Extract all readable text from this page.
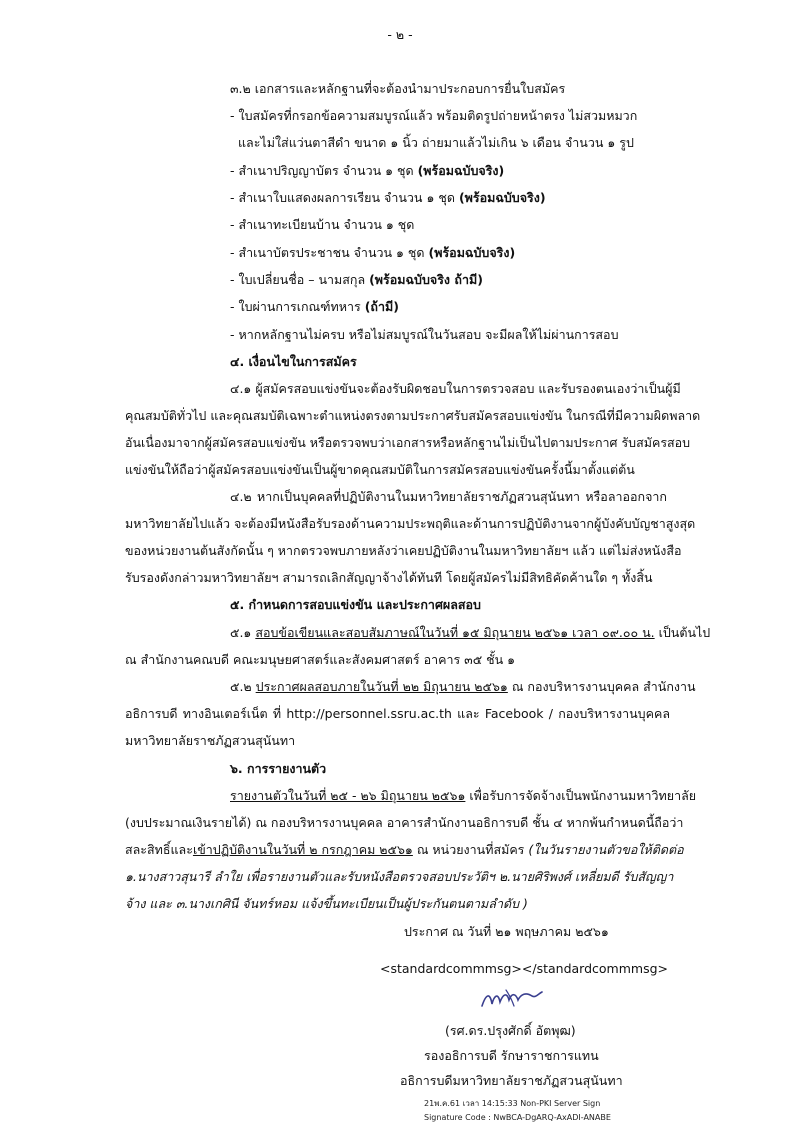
- ๒ -
๓.๒ เอกสารและหลักฐานที่จะต้องนำมาประกอบการยื่นใบสมัคร
- ใบสมัครที่กรอกข้อความสมบูรณ์แล้ว พร้อมติดรูปถ่ายหน้าตรง ไม่สวมหมวก
และไม่ใส่แว่นตาสีดำ ขนาด ๑ นิ้ว ถ่ายมาแล้วไม่เกิน ๖ เดือน จำนวน ๑ รูป
- สำเนาปริญญาบัตร จำนวน ๑ ชุด (พร้อมฉบับจริง)
- สำเนาใบแสดงผลการเรียน จำนวน ๑ ชุด (พร้อมฉบับจริง)
- สำเนาทะเบียนบ้าน จำนวน ๑ ชุด
- สำเนาบัตรประชาชน จำนวน ๑ ชุด (พร้อมฉบับจริง)
- ใบเปลี่ยนชื่อ – นามสกุล (พร้อมฉบับจริง ถ้ามี)
- ใบผ่านการเกณฑ์ทหาร (ถ้ามี)
- หากหลักฐานไม่ครบ หรือไม่สมบูรณ์ในวันสอบ จะมีผลให้ไม่ผ่านการสอบ
๔. เงื่อนไขในการสมัคร
๔.๑ ผู้สมัครสอบแข่งขันจะต้องรับผิดชอบในการตรวจสอบ และรับรองตนเองว่าเป็นผู้มี
คุณสมบัติทั่วไป และคุณสมบัติเฉพาะตำแหน่งตรงตามประกาศรับสมัครสอบแข่งขัน ในกรณีที่มีความผิดพลาด
อันเนื่องมาจากผู้สมัครสอบแข่งขัน หรือตรวจพบว่าเอกสารหรือหลักฐานไม่เป็นไปตามประกาศ รับสมัครสอบ
แข่งขันให้ถือว่าผู้สมัครสอบแข่งขันเป็นผู้ขาดคุณสมบัติในการสมัครสอบแข่งขันครั้งนี้มาตั้งแต่ต้น
๔.๒ หากเป็นบุคคลที่ปฏิบัติงานในมหาวิทยาลัยราชภัฏสวนสุนันทา หรือลาออกจาก
มหาวิทยาลัยไปแล้ว จะต้องมีหนังสือรับรองด้านความประพฤติและด้านการปฏิบัติงานจากผู้บังคับบัญชาสูงสุด
ของหน่วยงานต้นสังกัดนั้น ๆ หากตรวจพบภายหลังว่าเคยปฏิบัติงานในมหาวิทยาลัยฯ แล้ว แต่ไม่ส่งหนังสือ
รับรองดังกล่าวมหาวิทยาลัยฯ สามารถเลิกสัญญาจ้างได้ทันที โดยผู้สมัครไม่มีสิทธิคัดค้านใด ๆ ทั้งสิ้น
๕. กำหนดการสอบแข่งขัน และประกาศผลสอบ
๕.๑ สอบข้อเขียนและสอบสัมภาษณ์ในวันที่ ๑๕ มิถุนายน ๒๕๖๑ เวลา ๐๙.๐๐ น. เป็นต้นไป
ณ สำนักงานคณบดี คณะมนุษยศาสตร์และสังคมศาสตร์ อาคาร ๓๕ ชั้น ๑
๕.๒ ประกาศผลสอบภายในวันที่ ๒๒ มิถุนายน ๒๕๖๑ ณ กองบริหารงานบุคคล สำนักงาน
อธิการบดี ทางอินเตอร์เน็ต ที่ http://personnel.ssru.ac.th และ Facebook / กองบริหารงานบุคคล
มหาวิทยาลัยราชภัฏสวนสุนันทา
๖. การรายงานตัว
รายงานตัวในวันที่ ๒๕ - ๒๖ มิถุนายน ๒๕๖๑ เพื่อรับการจัดจ้างเป็นพนักงานมหาวิทยาลัย
(งบประมาณเงินรายได้) ณ กองบริหารงานบุคคล อาคารสำนักงานอธิการบดี ชั้น ๔ หากพ้นกำหนดนี้ถือว่า
สละสิทธิ์และเข้าปฏิบัติงานในวันที่ ๒ กรกฎาคม ๒๕๖๑ ณ หน่วยงานที่สมัคร (ในวันรายงานตัวขอให้ติดต่อ
๑.นางสาวสุนารี ลำใย เพื่อรายงานตัวและรับหนังสือตรวจสอบประวัติฯ ๒.นายศิริพงศ์ เหลี่ยมดี รับสัญญา
จ้าง และ ๓.นางเกศินี จันทร์หอม แจ้งขึ้นทะเบียนเป็นผู้ประกันตนตามลำดับ )
ประกาศ ณ วันที่ ๒๑ พฤษภาคม ๒๕๖๑
<standardcommmsg></standardcommmsg>
(รศ.ดร.ปรุงศักดิ์ อัตพุฒ)
รองอธิการบดี รักษาราชการแทน
อธิการบดีมหาวิทยาลัยราชภัฏสวนสุนันทา
21พ.ค.61 เวลา 14:15:33 Non-PKI Server Sign
Signature Code : NwBCA-DgARQ-AxADI-ANABE
